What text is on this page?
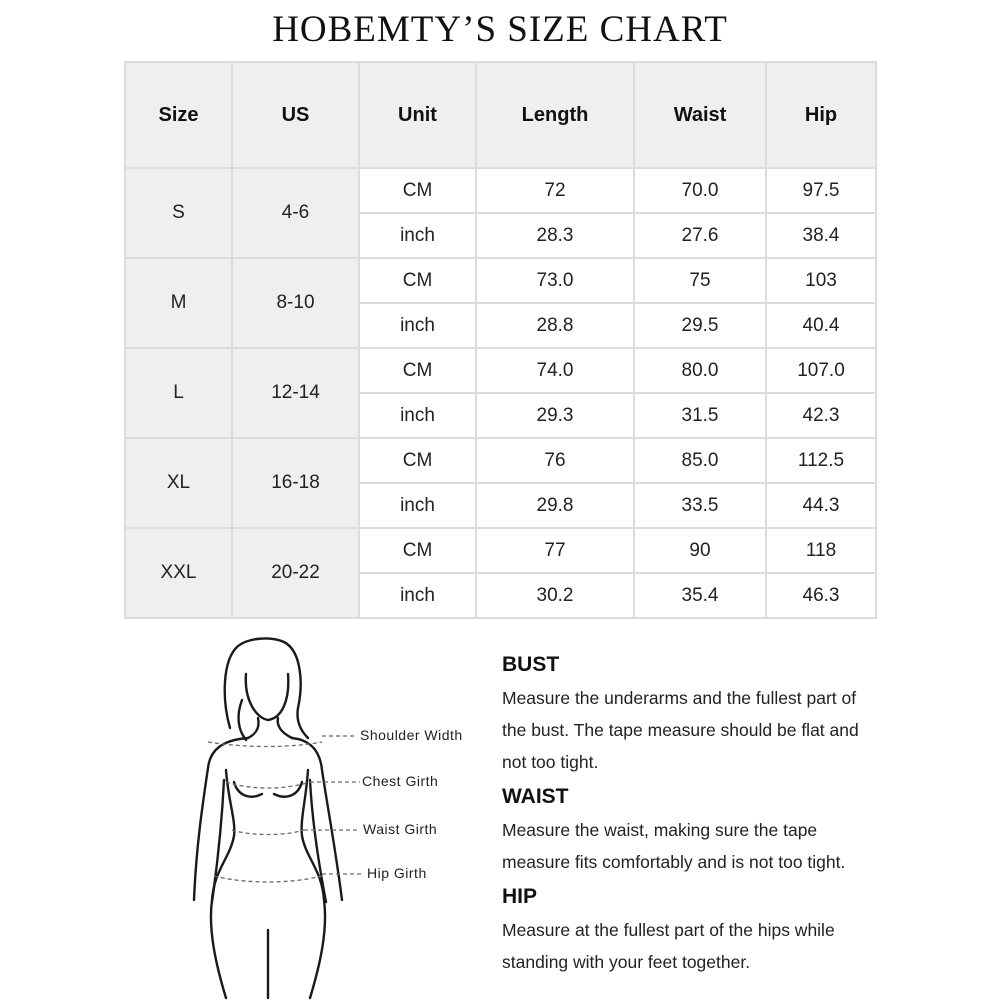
HOBEMTY’S SIZE CHART
Size	US	Unit	Length	Waist	Hip
S	4-6	CM	72	70.0	97.5
		inch	28.3	27.6	38.4
M	8-10	CM	73.0	75	103
		inch	28.8	29.5	40.4
L	12-14	CM	74.0	80.0	107.0
		inch	29.3	31.5	42.3
XL	16-18	CM	76	85.0	112.5
		inch	29.8	33.5	44.3
XXL	20-22	CM	77	90	118
		inch	30.2	35.4	46.3
Shoulder Width
Chest Girth
Waist Girth
Hip Girth
BUST

Measure the underarms and the fullest part of the bust. The tape measure should be flat and not too tight.

WAIST

Measure the waist, making sure the tape measure fits comfortably and is not too tight.

HIP

Measure at the fullest part of the hips while standing with your feet together.
